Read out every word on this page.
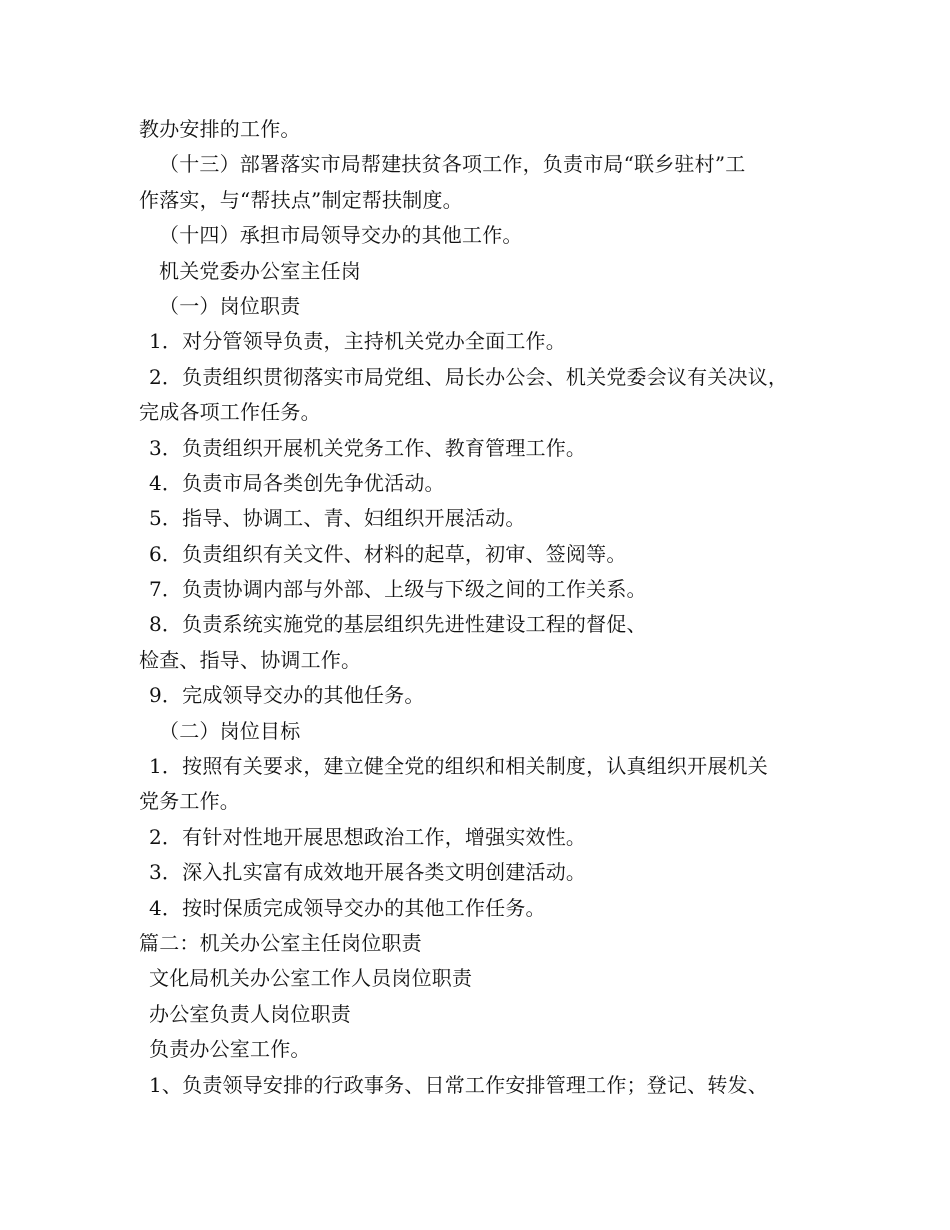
教办安排的工作。
（十三）部署落实市局帮建扶贫各项工作，负责市局“联乡驻村”工
作落实，与“帮扶点”制定帮扶制度。
（十四）承担市局领导交办的其他工作。
机关党委办公室主任岗
（一）岗位职责
1．对分管领导负责，主持机关党办全面工作。
2．负责组织贯彻落实市局党组、局长办公会、机关党委会议有关决议，
完成各项工作任务。
3．负责组织开展机关党务工作、教育管理工作。
4．负责市局各类创先争优活动。
5．指导、协调工、青、妇组织开展活动。
6．负责组织有关文件、材料的起草，初审、签阅等。
7．负责协调内部与外部、上级与下级之间的工作关系。
8．负责系统实施党的基层组织先进性建设工程的督促、
检查、指导、协调工作。
9．完成领导交办的其他任务。
（二）岗位目标
1．按照有关要求，建立健全党的组织和相关制度，认真组织开展机关
党务工作。
2．有针对性地开展思想政治工作，增强实效性。
3．深入扎实富有成效地开展各类文明创建活动。
4．按时保质完成领导交办的其他工作任务。
篇二：机关办公室主任岗位职责
文化局机关办公室工作人员岗位职责
办公室负责人岗位职责
负责办公室工作。
1、负责领导安排的行政事务、日常工作安排管理工作；登记、转发、
